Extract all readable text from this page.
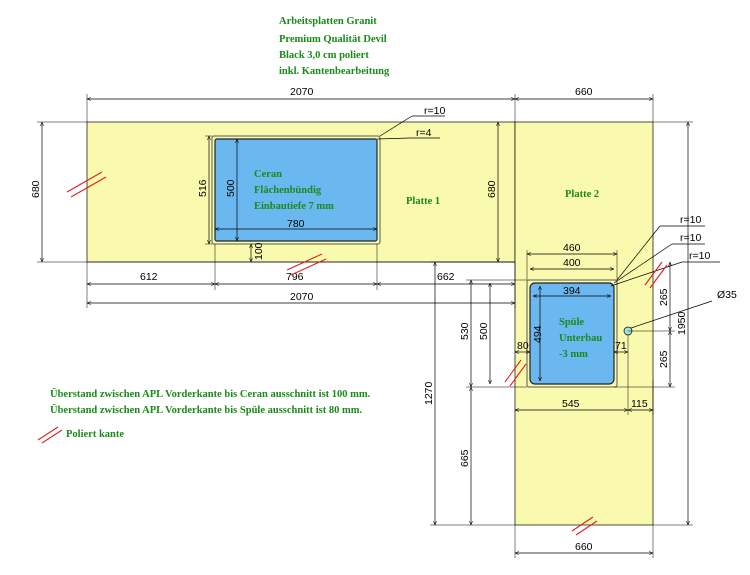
Arbeitsplatten Granit
Premium Qualität Devil
Black 3,0 cm poliert
inkl. Kantenbearbeitung
Ceran
Flächenbündig
Einbautiefe 7 mm
Spüle
Unterbau
-3 mm
Platte 1
Platte 2
2070	660
680	516 500
780
100
r=10
r=4
680
612	796	662
2070
460
400
394
r=10
r=10
r=10
530 500	494
80	71
545	115
265
265
1950
Ø35
1270
665
660
Überstand zwischen APL Vorderkante bis Ceran ausschnitt ist 100 mm.
Überstand zwischen APL Vorderkante bis Spüle ausschnitt ist 80 mm.
Poliert kante
